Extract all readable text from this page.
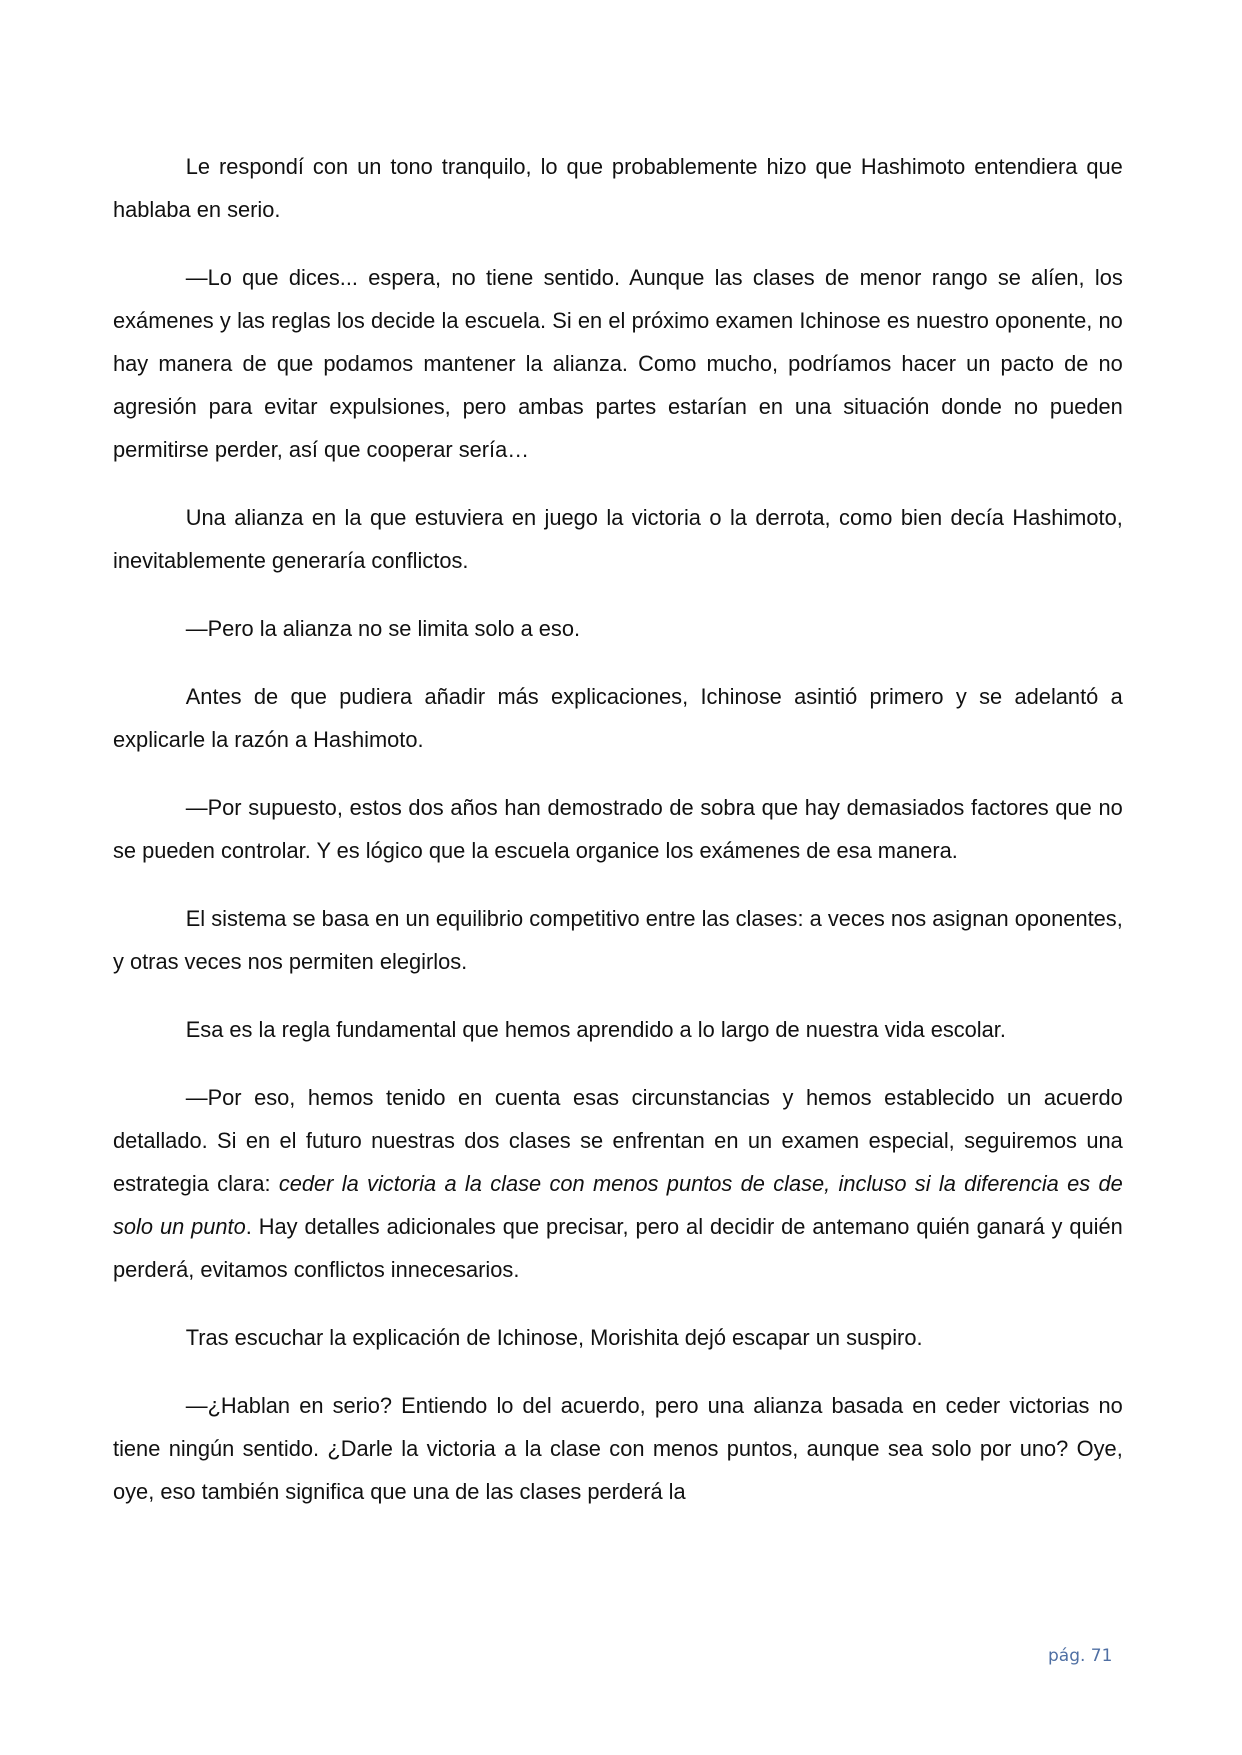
Le respondí con un tono tranquilo, lo que probablemente hizo que Hashimoto entendiera que hablaba en serio.

—Lo que dices... espera, no tiene sentido. Aunque las clases de menor rango se alíen, los exámenes y las reglas los decide la escuela. Si en el próximo examen Ichinose es nuestro oponente, no hay manera de que podamos mantener la alianza. Como mucho, podríamos hacer un pacto de no agresión para evitar expulsiones, pero ambas partes estarían en una situación donde no pueden permitirse perder, así que cooperar sería…

Una alianza en la que estuviera en juego la victoria o la derrota, como bien decía Hashimoto, inevitablemente generaría conflictos.

—Pero la alianza no se limita solo a eso.

Antes de que pudiera añadir más explicaciones, Ichinose asintió primero y se adelantó a explicarle la razón a Hashimoto.

—Por supuesto, estos dos años han demostrado de sobra que hay demasiados factores que no se pueden controlar. Y es lógico que la escuela organice los exámenes de esa manera.

El sistema se basa en un equilibrio competitivo entre las clases: a veces nos asignan oponentes, y otras veces nos permiten elegirlos.

Esa es la regla fundamental que hemos aprendido a lo largo de nuestra vida escolar.

—Por eso, hemos tenido en cuenta esas circunstancias y hemos establecido un acuerdo detallado. Si en el futuro nuestras dos clases se enfrentan en un examen especial, seguiremos una estrategia clara: ceder la victoria a la clase con menos puntos de clase, incluso si la diferencia es de solo un punto. Hay detalles adicionales que precisar, pero al decidir de antemano quién ganará y quién perderá, evitamos conflictos innecesarios.

Tras escuchar la explicación de Ichinose, Morishita dejó escapar un suspiro.

—¿Hablan en serio? Entiendo lo del acuerdo, pero una alianza basada en ceder victorias no tiene ningún sentido. ¿Darle la victoria a la clase con menos puntos, aunque sea solo por uno? Oye, oye, eso también significa que una de las clases perderá la

pág. 71
